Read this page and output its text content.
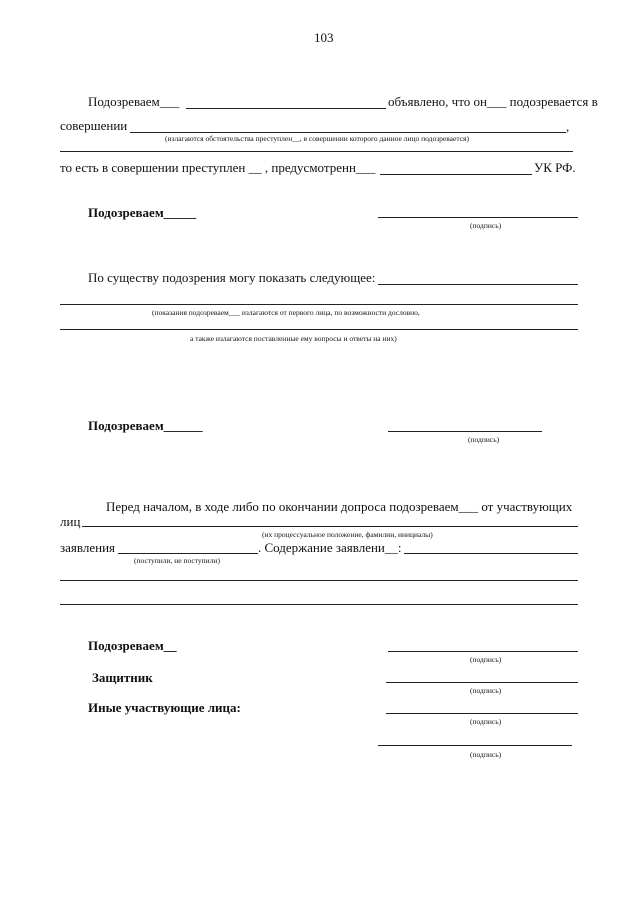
103
Подозреваем___	объявлено, что он___ подозревается в
совершении	,
(излагаются обстоятельства преступлен__, в совершении которого данное лицо подозревается)
то есть в совершении преступлен __ , предусмотренн___	УК РФ.
Подозреваем_____
(подпись)
По существу подозрения могу показать следующее:
(показания подозреваем___ излагаются от первого лица, по возможности дословно,
а также излагаются поставленные ему вопросы и ответы на них)
Подозреваем______
(подпись)
Перед началом, в ходе либо по окончании допроса подозреваем___ от участвующих
лиц
(их процессуальное положение, фамилии, инициалы)
заявления	. Содержание заявлени__:
(поступили, не поступили)
Подозреваем__
(подпись)
Защитник
(подпись)
Иные участвующие лица:
(подпись)
(подпись)
